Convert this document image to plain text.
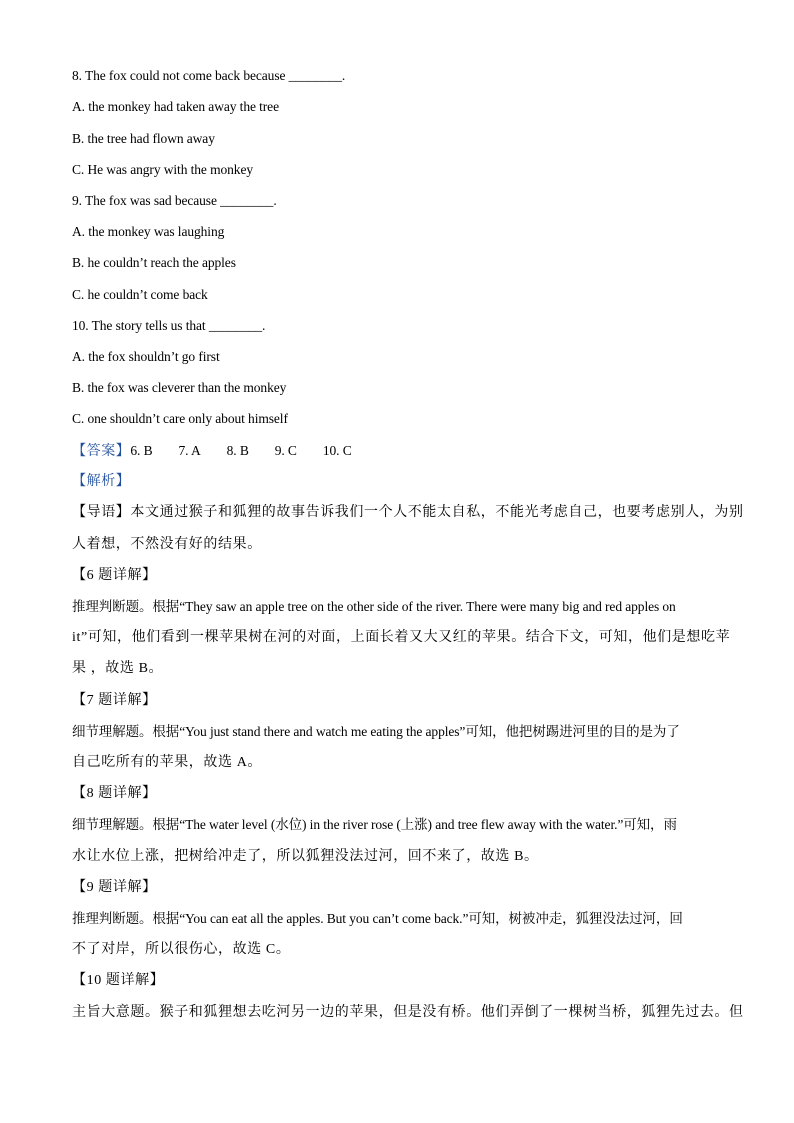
8. The fox could not come back because ________.
A. the monkey had taken away the tree
B. the tree had flown away
C. He was angry with the monkey
9. The fox was sad because ________.
A. the monkey was laughing
B. he couldn’t reach the apples
C. he couldn’t come back
10. The story tells us that ________.
A. the fox shouldn’t go first
B. the fox was cleverer than the monkey
C. one shouldn’t care only about himself
【答案】6. B 7. A 8. B 9. C 10. C
【解析】
【导语】本文通过猴子和狐狸的故事告诉我们一个人不能太自私，不能光考虑自己，也要考虑别人，为别
人着想，不然没有好的结果。
【6 题详解】
推理判断题。根据“They saw an apple tree on the other side of the river. There were many big and red apples on
it”可知，他们看到一棵苹果树在河的对面，上面长着又大又红的苹果。结合下文，可知，他们是想吃苹
果 ，故选 B。
【7 题详解】
细节理解题。根据“You just stand there and watch me eating the apples”可知，他把树踢进河里的目的是为了
自己吃所有的苹果，故选 A。
【8 题详解】
细节理解题。根据“The water level (水位) in the river rose (上涨) and tree flew away with the water.”可知，雨
水让水位上涨，把树给冲走了，所以狐狸没法过河，回不来了，故选 B。
【9 题详解】
推理判断题。根据“You can eat all the apples. But you can’t come back.”可知，树被冲走，狐狸没法过河，回
不了对岸，所以很伤心，故选 C。
【10 题详解】
主旨大意题。猴子和狐狸想去吃河另一边的苹果，但是没有桥。他们弄倒了一棵树当桥，狐狸先过去。但
